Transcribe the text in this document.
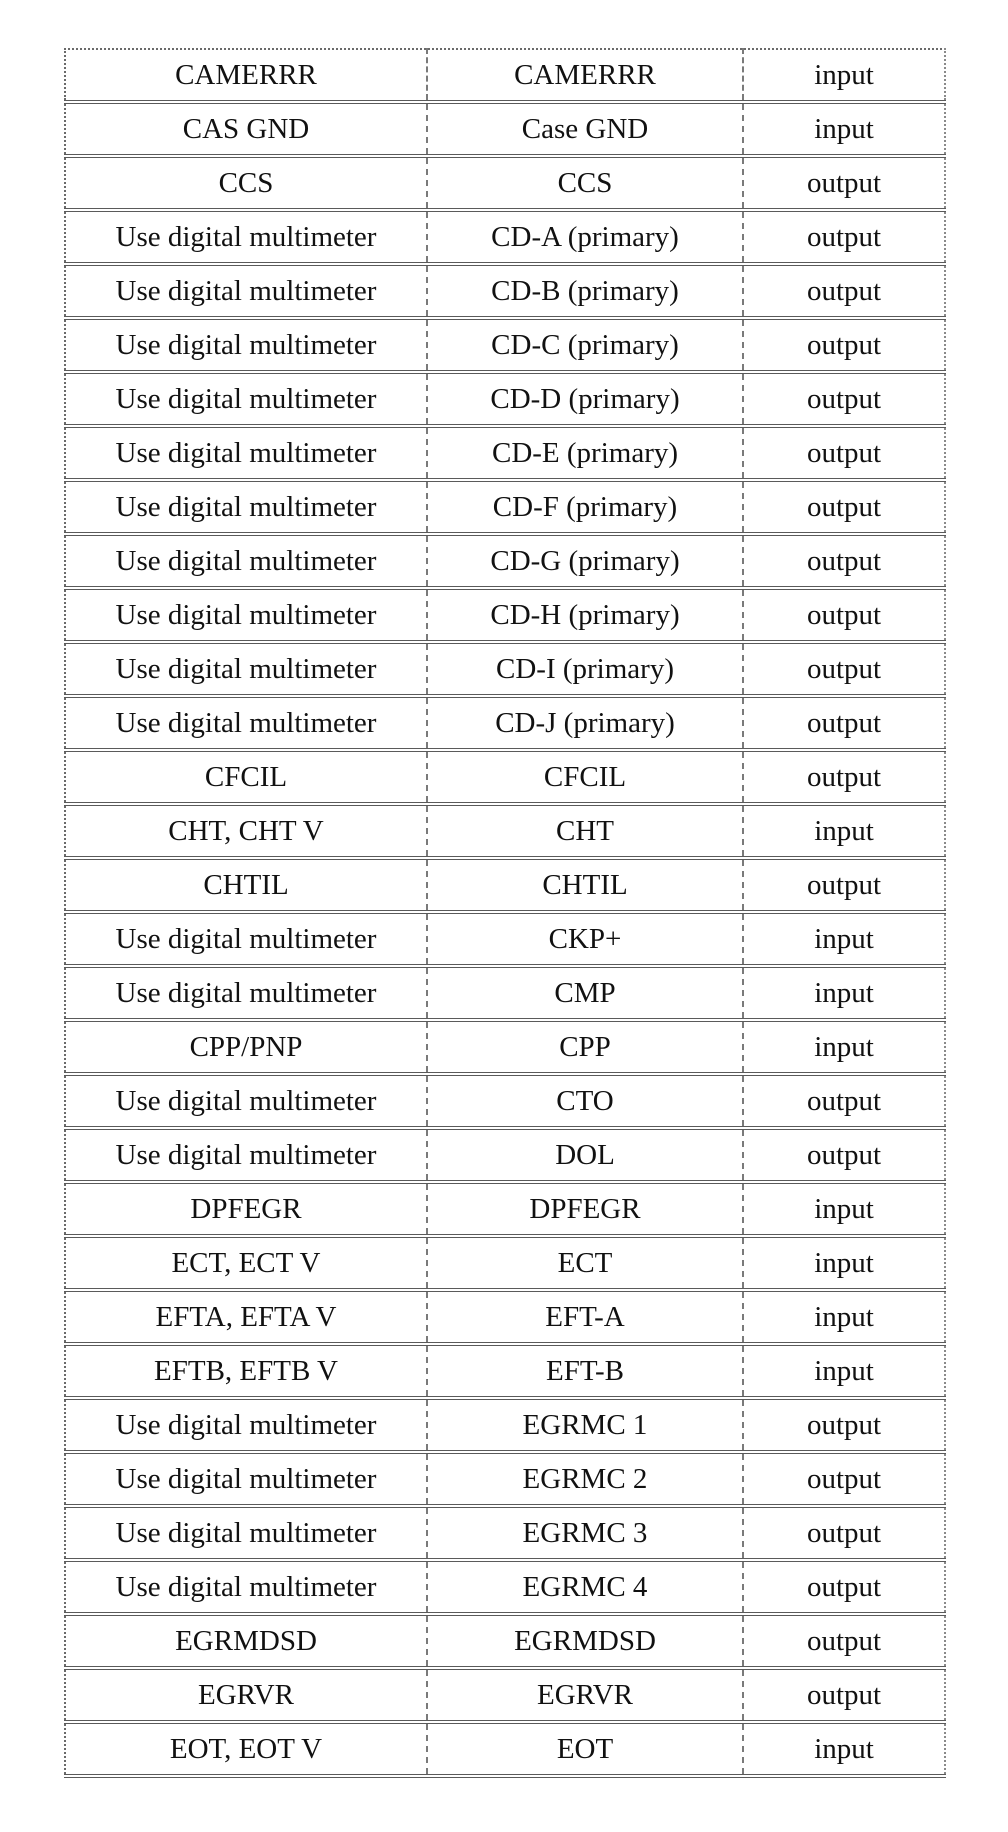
CAMERRR	CAMERRR	input
CAS GND	Case GND	input
CCS	CCS	output
Use digital multimeter	CD-A (primary)	output
Use digital multimeter	CD-B (primary)	output
Use digital multimeter	CD-C (primary)	output
Use digital multimeter	CD-D (primary)	output
Use digital multimeter	CD-E (primary)	output
Use digital multimeter	CD-F (primary)	output
Use digital multimeter	CD-G (primary)	output
Use digital multimeter	CD-H (primary)	output
Use digital multimeter	CD-I (primary)	output
Use digital multimeter	CD-J (primary)	output
CFCIL	CFCIL	output
CHT, CHT V	CHT	input
CHTIL	CHTIL	output
Use digital multimeter	CKP+	input
Use digital multimeter	CMP	input
CPP/PNP	CPP	input
Use digital multimeter	CTO	output
Use digital multimeter	DOL	output
DPFEGR	DPFEGR	input
ECT, ECT V	ECT	input
EFTA, EFTA V	EFT-A	input
EFTB, EFTB V	EFT-B	input
Use digital multimeter	EGRMC 1	output
Use digital multimeter	EGRMC 2	output
Use digital multimeter	EGRMC 3	output
Use digital multimeter	EGRMC 4	output
EGRMDSD	EGRMDSD	output
EGRVR	EGRVR	output
EOT, EOT V	EOT	input
